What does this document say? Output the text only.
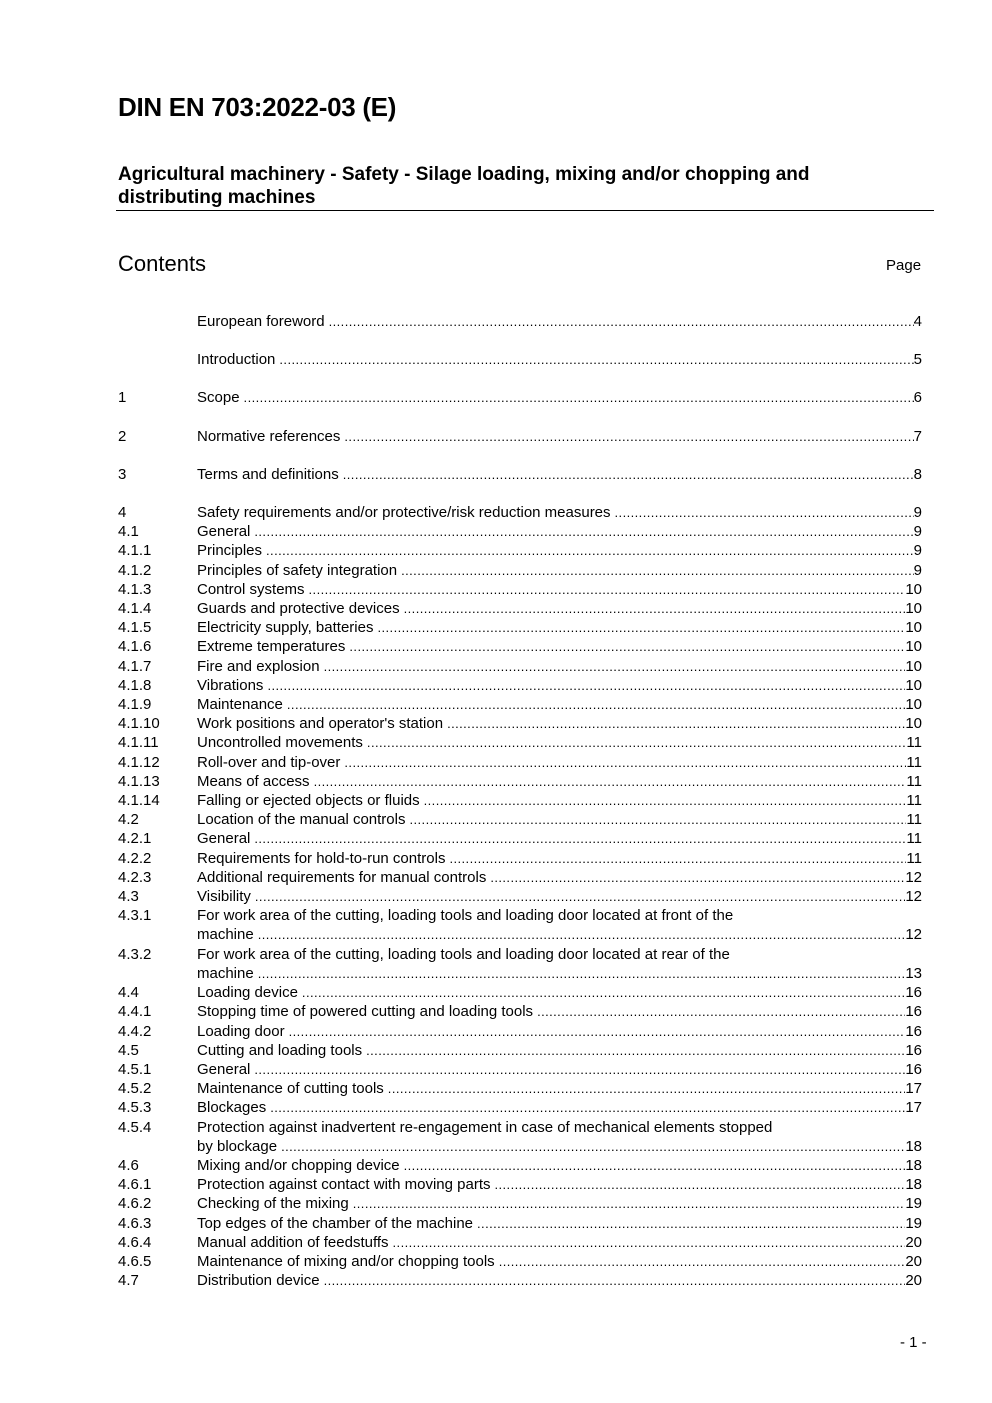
DIN EN 703:2022-03 (E)
Agricultural machinery - Safety - Silage loading, mixing and/or chopping and distributing machines
Contents	Page
European foreword . . .	4
Introduction . . .	5
1	Scope . . .	6
2	Normative references . . .	7
3	Terms and definitions . . .	8
4	Safety requirements and/or protective/risk reduction measures . . .	9
4.1	General . . .	9
4.1.1	Principles . . .	9
4.1.2	Principles of safety integration . . .	9
4.1.3	Control systems . . .	10
4.1.4	Guards and protective devices . . .	10
4.1.5	Electricity supply, batteries . . .	10
4.1.6	Extreme temperatures . . .	10
4.1.7	Fire and explosion . . .	10
4.1.8	Vibrations . . .	10
4.1.9	Maintenance . . .	10
4.1.10	Work positions and operator's station . . .	10
4.1.11	Uncontrolled movements . . .	11
4.1.12	Roll-over and tip-over . . .	11
4.1.13	Means of access . . .	11
4.1.14	Falling or ejected objects or fluids . . .	11
4.2	Location of the manual controls . . .	11
4.2.1	General . . .	11
4.2.2	Requirements for hold-to-run controls . . .	11
4.2.3	Additional requirements for manual controls . . .	12
4.3	Visibility . . .	12
4.3.1	For work area of the cutting, loading tools and loading door located at front of the
machine . . .	12
4.3.2	For work area of the cutting, loading tools and loading door located at rear of the
machine . . .	13
4.4	Loading device . . .	16
4.4.1	Stopping time of powered cutting and loading tools . . .	16
4.4.2	Loading door . . .	16
4.5	Cutting and loading tools . . .	16
4.5.1	General . . .	16
4.5.2	Maintenance of cutting tools . . .	17
4.5.3	Blockages . . .	17
4.5.4	Protection against inadvertent re-engagement in case of mechanical elements stopped
by blockage . . .	18
4.6	Mixing and/or chopping device . . .	18
4.6.1	Protection against contact with moving parts . . .	18
4.6.2	Checking of the mixing . . .	19
4.6.3	Top edges of the chamber of the machine . . .	19
4.6.4	Manual addition of feedstuffs . . .	20
4.6.5	Maintenance of mixing and/or chopping tools . . .	20
4.7	Distribution device . . .	20
- 1 -
